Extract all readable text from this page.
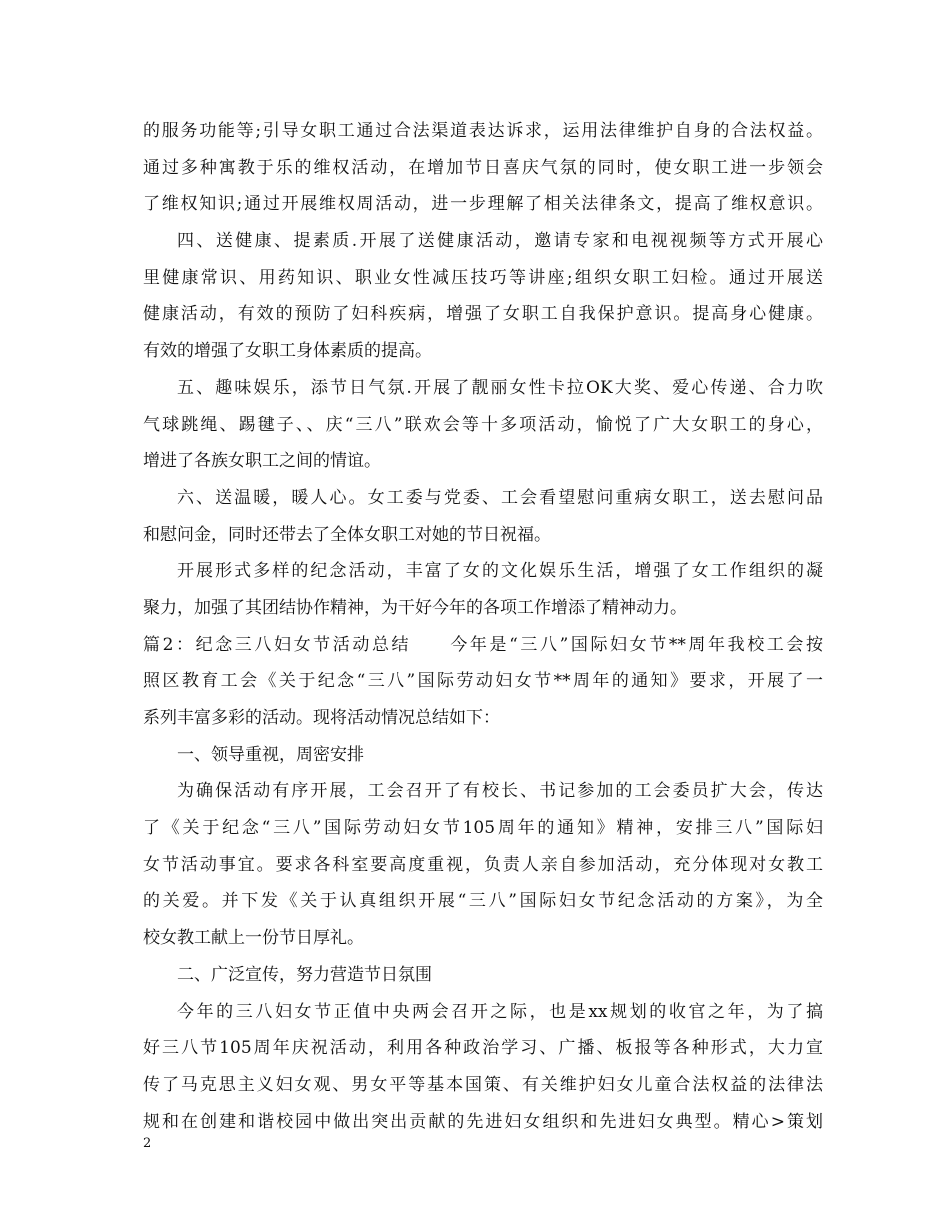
的服务功能等;引导女职工通过合法渠道表达诉求，运用法律维护自身的合法权益。
通过多种寓教于乐的维权活动，在增加节日喜庆气氛的同时，使女职工进一步领会
了维权知识;通过开展维权周活动，进一步理解了相关法律条文，提高了维权意识。
四、送健康、提素质.开展了送健康活动，邀请专家和电视视频等方式开展心
里健康常识、用药知识、职业女性减压技巧等讲座;组织女职工妇检。通过开展送
健康活动，有效的预防了妇科疾病，增强了女职工自我保护意识。提高身心健康。
有效的增强了女职工身体素质的提高。
五、趣味娱乐，添节日气氛.开展了靓丽女性卡拉OK大奖、爱心传递、合力吹
气球跳绳、踢毽子、、庆“三八”联欢会等十多项活动，愉悦了广大女职工的身心，
增进了各族女职工之间的情谊。
六、送温暖，暖人心。女工委与党委、工会看望慰问重病女职工，送去慰问品
和慰问金，同时还带去了全体女职工对她的节日祝福。
开展形式多样的纪念活动，丰富了女的文化娱乐生活，增强了女工作组织的凝
聚力，加强了其团结协作精神，为干好今年的各项工作增添了精神动力。
篇2：纪念三八妇女节活动总结　　今年是“三八”国际妇女节**周年我校工会按
照区教育工会《关于纪念“三八”国际劳动妇女节**周年的通知》要求，开展了一
系列丰富多彩的活动。现将活动情况总结如下：
一、领导重视，周密安排
为确保活动有序开展，工会召开了有校长、书记参加的工会委员扩大会，传达
了《关于纪念“三八”国际劳动妇女节105周年的通知》精神，安排三八”国际妇
女节活动事宜。要求各科室要高度重视，负责人亲自参加活动，充分体现对女教工
的关爱。并下发《关于认真组织开展“三八”国际妇女节纪念活动的方案》，为全
校女教工献上一份节日厚礼。
二、广泛宣传，努力营造节日氛围
今年的三八妇女节正值中央两会召开之际，也是xx规划的收官之年，为了搞
好三八节105周年庆祝活动，利用各种政治学习、广播、板报等各种形式，大力宣
传了马克思主义妇女观、男女平等基本国策、有关维护妇女儿童合法权益的法律法
规和在创建和谐校园中做出突出贡献的先进妇女组织和先进妇女典型。精心>策划
2
